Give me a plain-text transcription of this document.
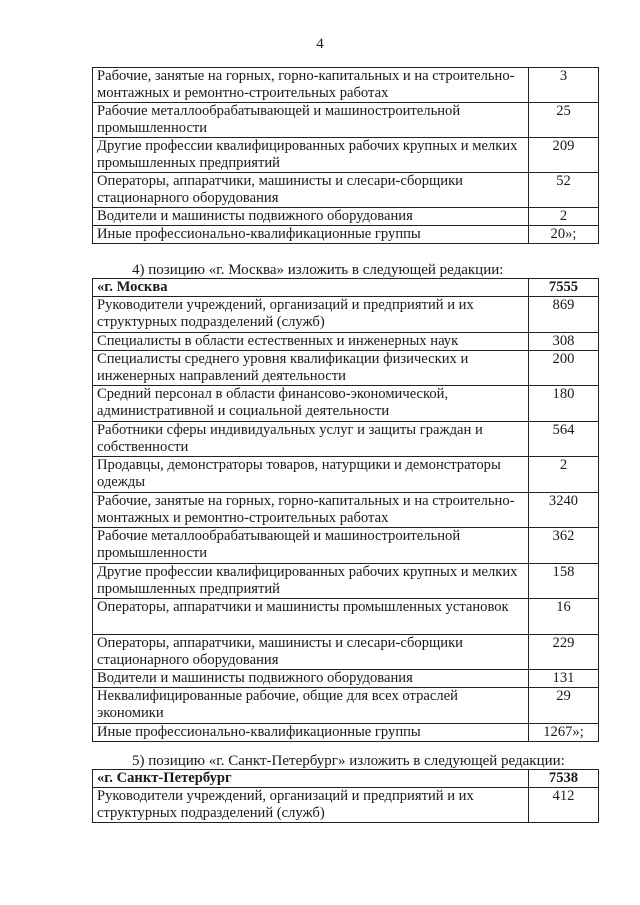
4
Рабочие, занятые на горных, горно-капитальных и на строительно-монтажных и ремонтно-строительных работах	3
Рабочие металлообрабатывающей и машиностроительной промышленности	25
Другие профессии квалифицированных рабочих крупных и мелких промышленных предприятий	209
Операторы, аппаратчики, машинисты и слесари-сборщики стационарного оборудования	52
Водители и машинисты подвижного оборудования	2
Иные профессионально-квалификационные группы	20»;
4) позицию «г. Москва» изложить в следующей редакции:
«г. Москва	7555
Руководители учреждений, организаций и предприятий и их структурных подразделений (служб)	869
Специалисты в области естественных и инженерных наук	308
Специалисты среднего уровня квалификации физических и инженерных направлений деятельности	200
Средний персонал в области финансово-экономической, административной и социальной деятельности	180
Работники сферы индивидуальных услуг и защиты граждан и собственности	564
Продавцы, демонстраторы товаров, натурщики и демонстраторы одежды	2
Рабочие, занятые на горных, горно-капитальных и на строительно-монтажных и ремонтно-строительных работах	3240
Рабочие металлообрабатывающей и машиностроительной промышленности	362
Другие профессии квалифицированных рабочих крупных и мелких промышленных предприятий	158
Операторы, аппаратчики и машинисты промышленных установок	16
Операторы, аппаратчики, машинисты и слесари-сборщики стационарного оборудования	229
Водители и машинисты подвижного оборудования	131
Неквалифицированные рабочие, общие для всех отраслей экономики	29
Иные профессионально-квалификационные группы	1267»;
5) позицию «г. Санкт-Петербург» изложить в следующей редакции:
«г. Санкт-Петербург	7538
Руководители учреждений, организаций и предприятий и их структурных подразделений (служб)	412
